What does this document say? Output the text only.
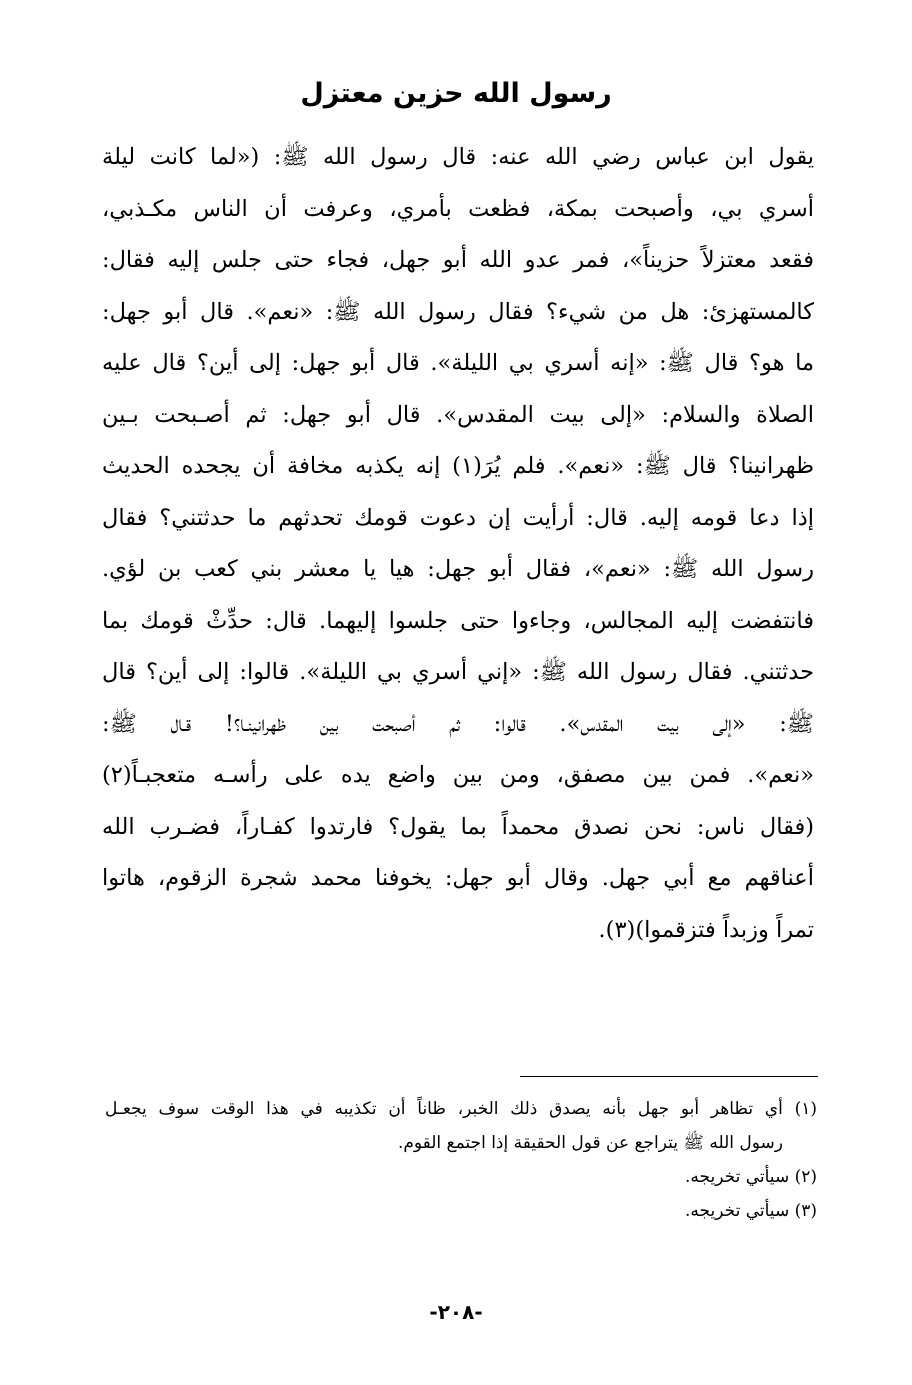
رسول الله حزين معتزل
يقول ابن عباس رضي الله عنه: قال رسول الله ﷺ: («لما كانت ليلة
أسري بي، وأصبحت بمكة، فظعت بأمري، وعرفت أن الناس مكـذبي،
فقعد معتزلاً حزيناً»، فمر عدو الله أبو جهل، فجاء حتى جلس إليه فقال:
كالمستهزئ: هل من شيء؟ فقال رسول الله ﷺ: «نعم». قال أبو جهل:
ما هو؟ قال ﷺ: «إنه أسري بي الليلة». قال أبو جهل: إلى أين؟ قال عليه
الصلاة والسلام: «إلى بيت المقدس». قال أبو جهل: ثم أصـبحت بـين
ظهرانينا؟ قال ﷺ: «نعم». فلم يُرَ(١) إنه يكذبه مخافة أن يجحده الحديث
إذا دعا قومه إليه. قال: أرأيت إن دعوت قومك تحدثهم ما حدثتني؟ فقال
رسول الله ﷺ: «نعم»، فقال أبو جهل: هيا يا معشر بني كعب بن لؤي.
فانتفضت إليه المجالس، وجاءوا حتى جلسوا إليهما. قال: حدِّثْ قومك بما
حدثتني. فقال رسول الله ﷺ: «إني أسري بي الليلة». قالوا: إلى أين؟ قال
ﷺ: «إلى بيت المقدس». قالوا: ثم أصبحت بين ظهرانينـا؟! قـال ﷺ:
«نعم». فمن بين مصفق، ومن بين واضع يده على رأسـه متعجبـاً(٢)
(فقال ناس: نحن نصدق محمداً بما يقول؟ فارتدوا كفـاراً، فضـرب الله
أعناقهم مع أبي جهل. وقال أبو جهل: يخوفنا محمد شجرة الزقوم، هاتوا
تمراً وزبداً فتزقموا)(٣).
(١) أي تظاهر أبو جهل بأنه يصدق ذلك الخبر، ظاناً أن تكذيبه في هذا الوقت سوف يجعـل
رسول الله ﷺ يتراجع عن قول الحقيقة إذا اجتمع القوم.
(٢) سيأتي تخريجه.
(٣) سيأتي تخريجه.
-٢٠٨-
